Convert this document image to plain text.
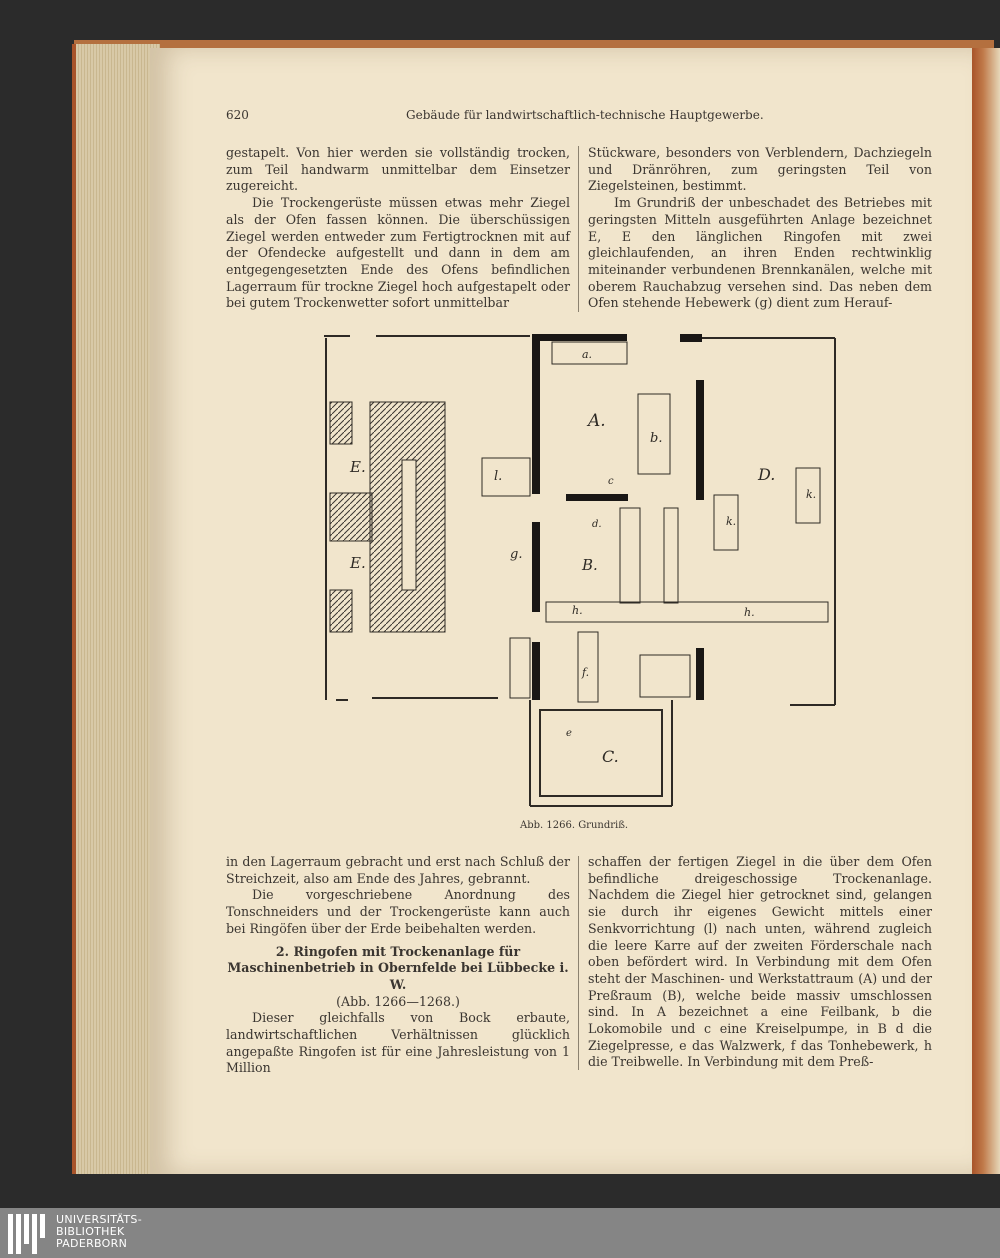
620	Gebäude für landwirtschaftlich-technische Hauptgewerbe.
gestapelt. Von hier werden sie vollständig trocken, zum Teil handwarm unmittelbar dem Einsetzer zugereicht.
Die Trockengerüste müssen etwas mehr Ziegel als der Ofen fassen können. Die überschüssigen Ziegel werden entweder zum Fertigtrocknen mit auf der Ofendecke aufgestellt und dann in dem am entgegengesetzten Ende des Ofens befindlichen Lagerraum für trockne Ziegel hoch aufgestapelt oder bei gutem Trockenwetter sofort unmittelbar
Stückware, besonders von Verblendern, Dachziegeln und Dränröhren, zum geringsten Teil von Ziegelsteinen, bestimmt.
Im Grundriß der unbeschadet des Betriebes mit geringsten Mitteln ausgeführten Anlage bezeichnet E, E den länglichen Ringofen mit zwei gleichlaufenden, an ihren Enden rechtwinklig miteinander verbundenen Brennkanälen, welche mit oberem Rauchabzug versehen sind. Das neben dem Ofen stehende Hebewerk (g) dient zum Herauf-
a.
A.
b.
c
l.	D.
k.
k.
E.
E.
d.
g.
B.
h.	h.
f.
e
C.
Abb. 1266. Grundriß.
in den Lagerraum gebracht und erst nach Schluß der Streichzeit, also am Ende des Jahres, gebrannt.
Die vorgeschriebene Anordnung des Tonschneiders und der Trockengerüste kann auch bei Ringöfen über der Erde beibehalten werden.
2. Ringofen mit Trockenanlage für Maschinenbetrieb in Obernfelde bei Lübbecke i. W.
(Abb. 1266—1268.)
Dieser gleichfalls von Bock erbaute, landwirtschaftlichen Verhältnissen glücklich angepaßte Ringofen ist für eine Jahresleistung von 1 Million
schaffen der fertigen Ziegel in die über dem Ofen befindliche dreigeschossige Trockenanlage. Nachdem die Ziegel hier getrocknet sind, gelangen sie durch ihr eigenes Gewicht mittels einer Senkvorrichtung (l) nach unten, während zugleich die leere Karre auf der zweiten Förderschale nach oben befördert wird. In Verbindung mit dem Ofen steht der Maschinen- und Werkstattraum (A) und der Preßraum (B), welche beide massiv umschlossen sind. In A bezeichnet a eine Feilbank, b die Lokomobile und c eine Kreiselpumpe, in B d die Ziegelpresse, e das Walzwerk, f das Tonhebewerk, h die Treibwelle. In Verbindung mit dem Preß-
UNIVERSITÄTS-
BIBLIOTHEK
PADERBORN
